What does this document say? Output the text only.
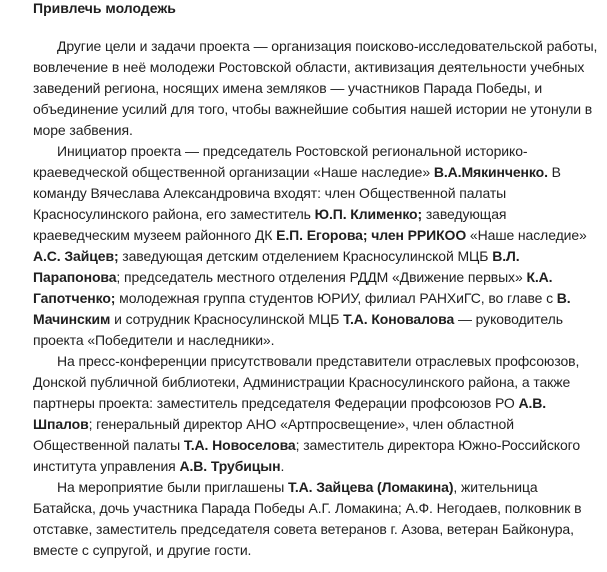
Привлечь молодежь

Другие цели и задачи проекта — организация поисково-исследовательской работы, вовлечение в неё молодежи Ростовской области, активизация деятельности учебных заведений региона, носящих имена земляков — участников Парада Победы, и объединение усилий для того, чтобы важнейшие события нашей истории не утонули в море забвения.

Инициатор проекта — председатель Ростовской региональной историко-краеведческой общественной организации «Наше наследие» В.А.Мякинченко. В команду Вячеслава Александровича входят: член Общественной палаты Красносулинского района, его заместитель Ю.П. Клименко; заведующая краеведческим музеем районного ДК Е.П. Егорова; член РРИКОО «Наше наследие» А.С. Зайцев; заведующая детским отделением Красносулинской МЦБ В.Л. Парапонова; председатель местного отделения РДДМ «Движение первых» К.А. Гапотченко; молодежная группа студентов ЮРИУ, филиал РАНХиГС, во главе с В. Мачинским и сотрудник Красносулинской МЦБ Т.А. Коновалова — руководитель проекта «Победители и наследники».

На пресс-конференции присутствовали представители отраслевых профсоюзов, Донской публичной библиотеки, Администрации Красносулинского района, а также партнеры проекта: заместитель председателя Федерации профсоюзов РО А.В. Шпалов; генеральный директор АНО «Артпросвещение», член областной Общественной палаты Т.А. Новоселова; заместитель директора Южно-Российского института управления А.В. Трубицын.

На мероприятие были приглашены Т.А. Зайцева (Ломакина), жительница Батайска, дочь участника Парада Победы А.Г. Ломакина; А.Ф. Негодаев, полковник в отставке, заместитель председателя совета ветеранов г. Азова, ветеран Байконура, вместе с супругой, и другие гости.
